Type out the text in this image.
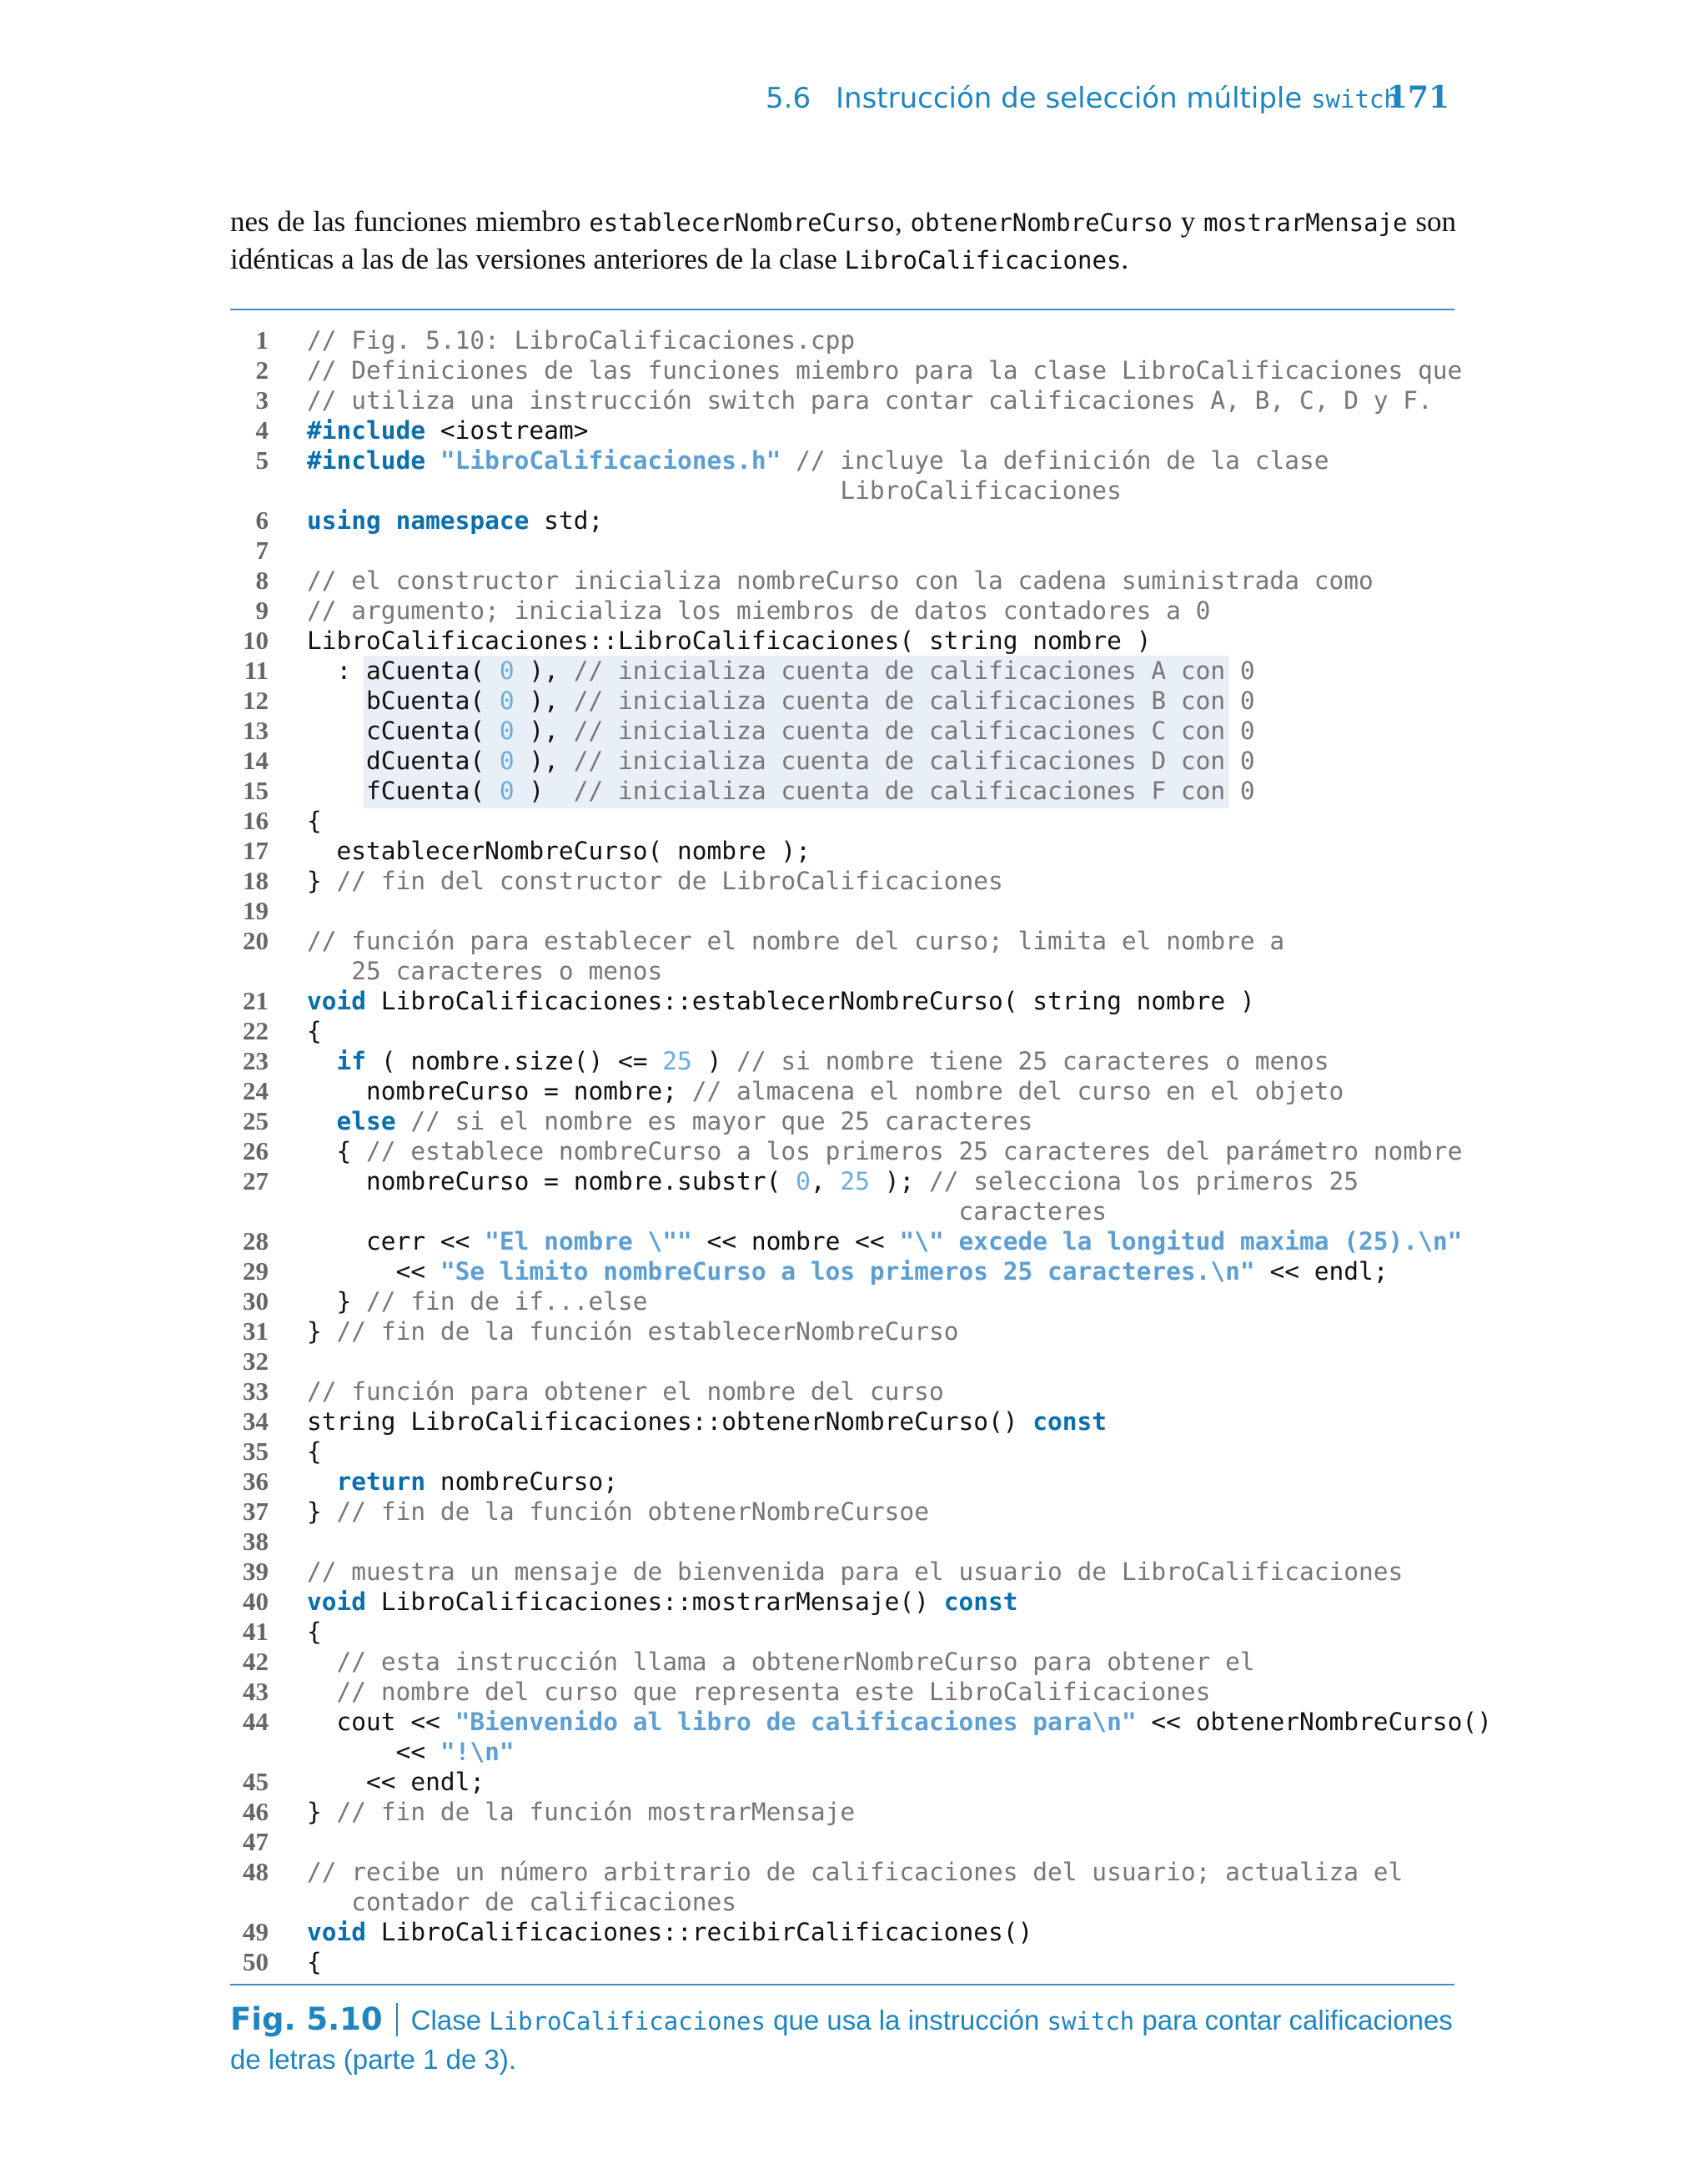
5.6 Instrucción de selección múltiple switch
171
nes de las funciones miembro establecerNombreCurso, obtenerNombreCurso y mostrarMensaje son idénticas a las de las versiones anteriores de la clase LibroCalificaciones.
1 // Fig. 5.10: LibroCalificaciones.cpp
2 // Definiciones de las funciones miembro para la clase LibroCalificaciones que
3 // utiliza una instrucción switch para contar calificaciones A, B, C, D y F.
4 #include <iostream>
5 #include "LibroCalificaciones.h" // incluye la definición de la clase
LibroCalificaciones
6 using namespace std;
7
8 // el constructor inicializa nombreCurso con la cadena suministrada como
9 // argumento; inicializa los miembros de datos contadores a 0
10 LibroCalificaciones::LibroCalificaciones( string nombre )
11 : aCuenta( 0 ), // inicializa cuenta de calificaciones A con 0
12 bCuenta( 0 ), // inicializa cuenta de calificaciones B con 0
13 cCuenta( 0 ), // inicializa cuenta de calificaciones C con 0
14 dCuenta( 0 ), // inicializa cuenta de calificaciones D con 0
15 fCuenta( 0 )  // inicializa cuenta de calificaciones F con 0
16 {
17 establecerNombreCurso( nombre );
18 } // fin del constructor de LibroCalificaciones
19
20 // función para establecer el nombre del curso; limita el nombre a
25 caracteres o menos
21 void LibroCalificaciones::establecerNombreCurso( string nombre )
22 {
23	if ( nombre.size() <= 25 ) // si nombre tiene 25 caracteres o menos
24 nombreCurso = nombre; // almacena el nombre del curso en el objeto
25	else // si el nombre es mayor que 25 caracteres
26 { // establece nombreCurso a los primeros 25 caracteres del parámetro nombre
27 nombreCurso = nombre.substr( 0, 25 ); // selecciona los primeros 25
caracteres
28 cerr << "El nombre \"" << nombre << "\" excede la longitud maxima (25).\n"
29 << "Se limito nombreCurso a los primeros 25 caracteres.\n" << endl;
30 } // fin de if...else
31 } // fin de la función establecerNombreCurso
32
33 // función para obtener el nombre del curso
34 string LibroCalificaciones::obtenerNombreCurso() const
35 {
36	return nombreCurso;
37 } // fin de la función obtenerNombreCursoe
38
39 // muestra un mensaje de bienvenida para el usuario de LibroCalificaciones
40 void LibroCalificaciones::mostrarMensaje() const
41 {
42	// esta instrucción llama a obtenerNombreCurso para obtener el
43	// nombre del curso que representa este LibroCalificaciones
44 cout << "Bienvenido al libro de calificaciones para\n" << obtenerNombreCurso()
<< "!\n"
45 << endl;
46 } // fin de la función mostrarMensaje
47
48 // recibe un número arbitrario de calificaciones del usuario; actualiza el
contador de calificaciones
49 void LibroCalificaciones::recibirCalificaciones()
50 {
Fig. 5.10 Clase LibroCalificaciones que usa la instrucción switch para contar calificaciones de letras (parte 1 de 3).
